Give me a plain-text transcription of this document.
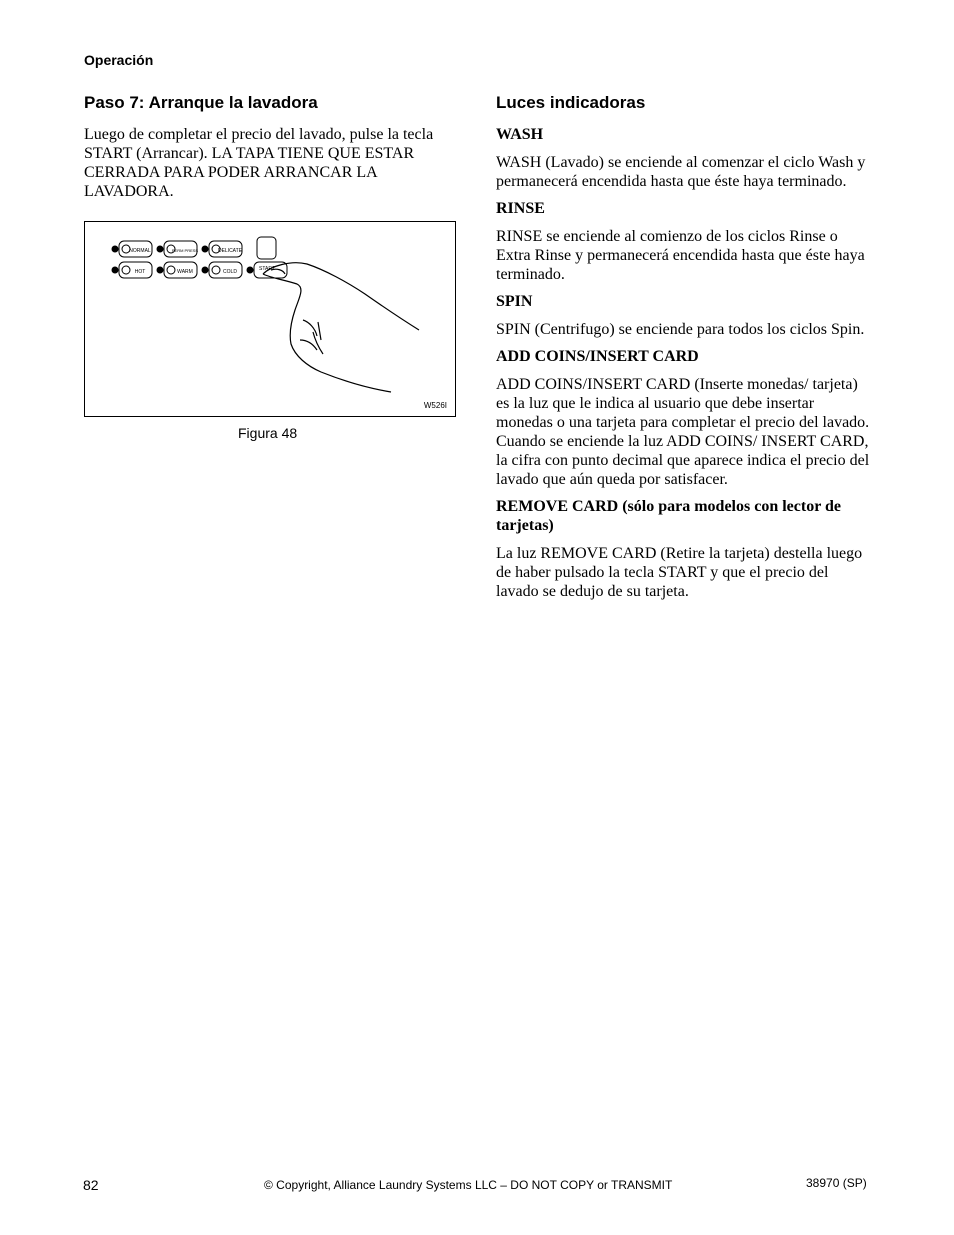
Operación
Paso 7: Arranque la lavadora

Luego de completar el precio del lavado, pulse la tecla START (Arrancar). LA TAPA TIENE QUE ESTAR CERRADA PARA PODER ARRANCAR LA LAVADORA.

NORMAL	PERM PRESS	DELICATE
HOT	WARM	COLD	START
W526I
Figura 48
Luces indicadoras
WASH

WASH (Lavado) se enciende al comenzar el ciclo Wash y permanecerá encendida hasta que éste haya terminado.

RINSE

RINSE se enciende al comienzo de los ciclos Rinse o Extra Rinse y permanecerá encendida hasta que éste haya terminado.

SPIN

SPIN (Centrifugo) se enciende para todos los ciclos Spin.

ADD COINS/INSERT CARD

ADD COINS/INSERT CARD (Inserte monedas/ tarjeta) es la luz que le indica al usuario que debe insertar monedas o una tarjeta para completar el precio del lavado. Cuando se enciende la luz ADD COINS/ INSERT CARD, la cifra con punto decimal que aparece indica el precio del lavado que aún queda por satisfacer.

REMOVE CARD (sólo para modelos con lector de tarjetas)

La luz REMOVE CARD (Retire la tarjeta) destella luego de haber pulsado la tecla START y que el precio del lavado se dedujo de su tarjeta.

82	© Copyright, Alliance Laundry Systems LLC – DO NOT COPY or TRANSMIT	38970 (SP)
